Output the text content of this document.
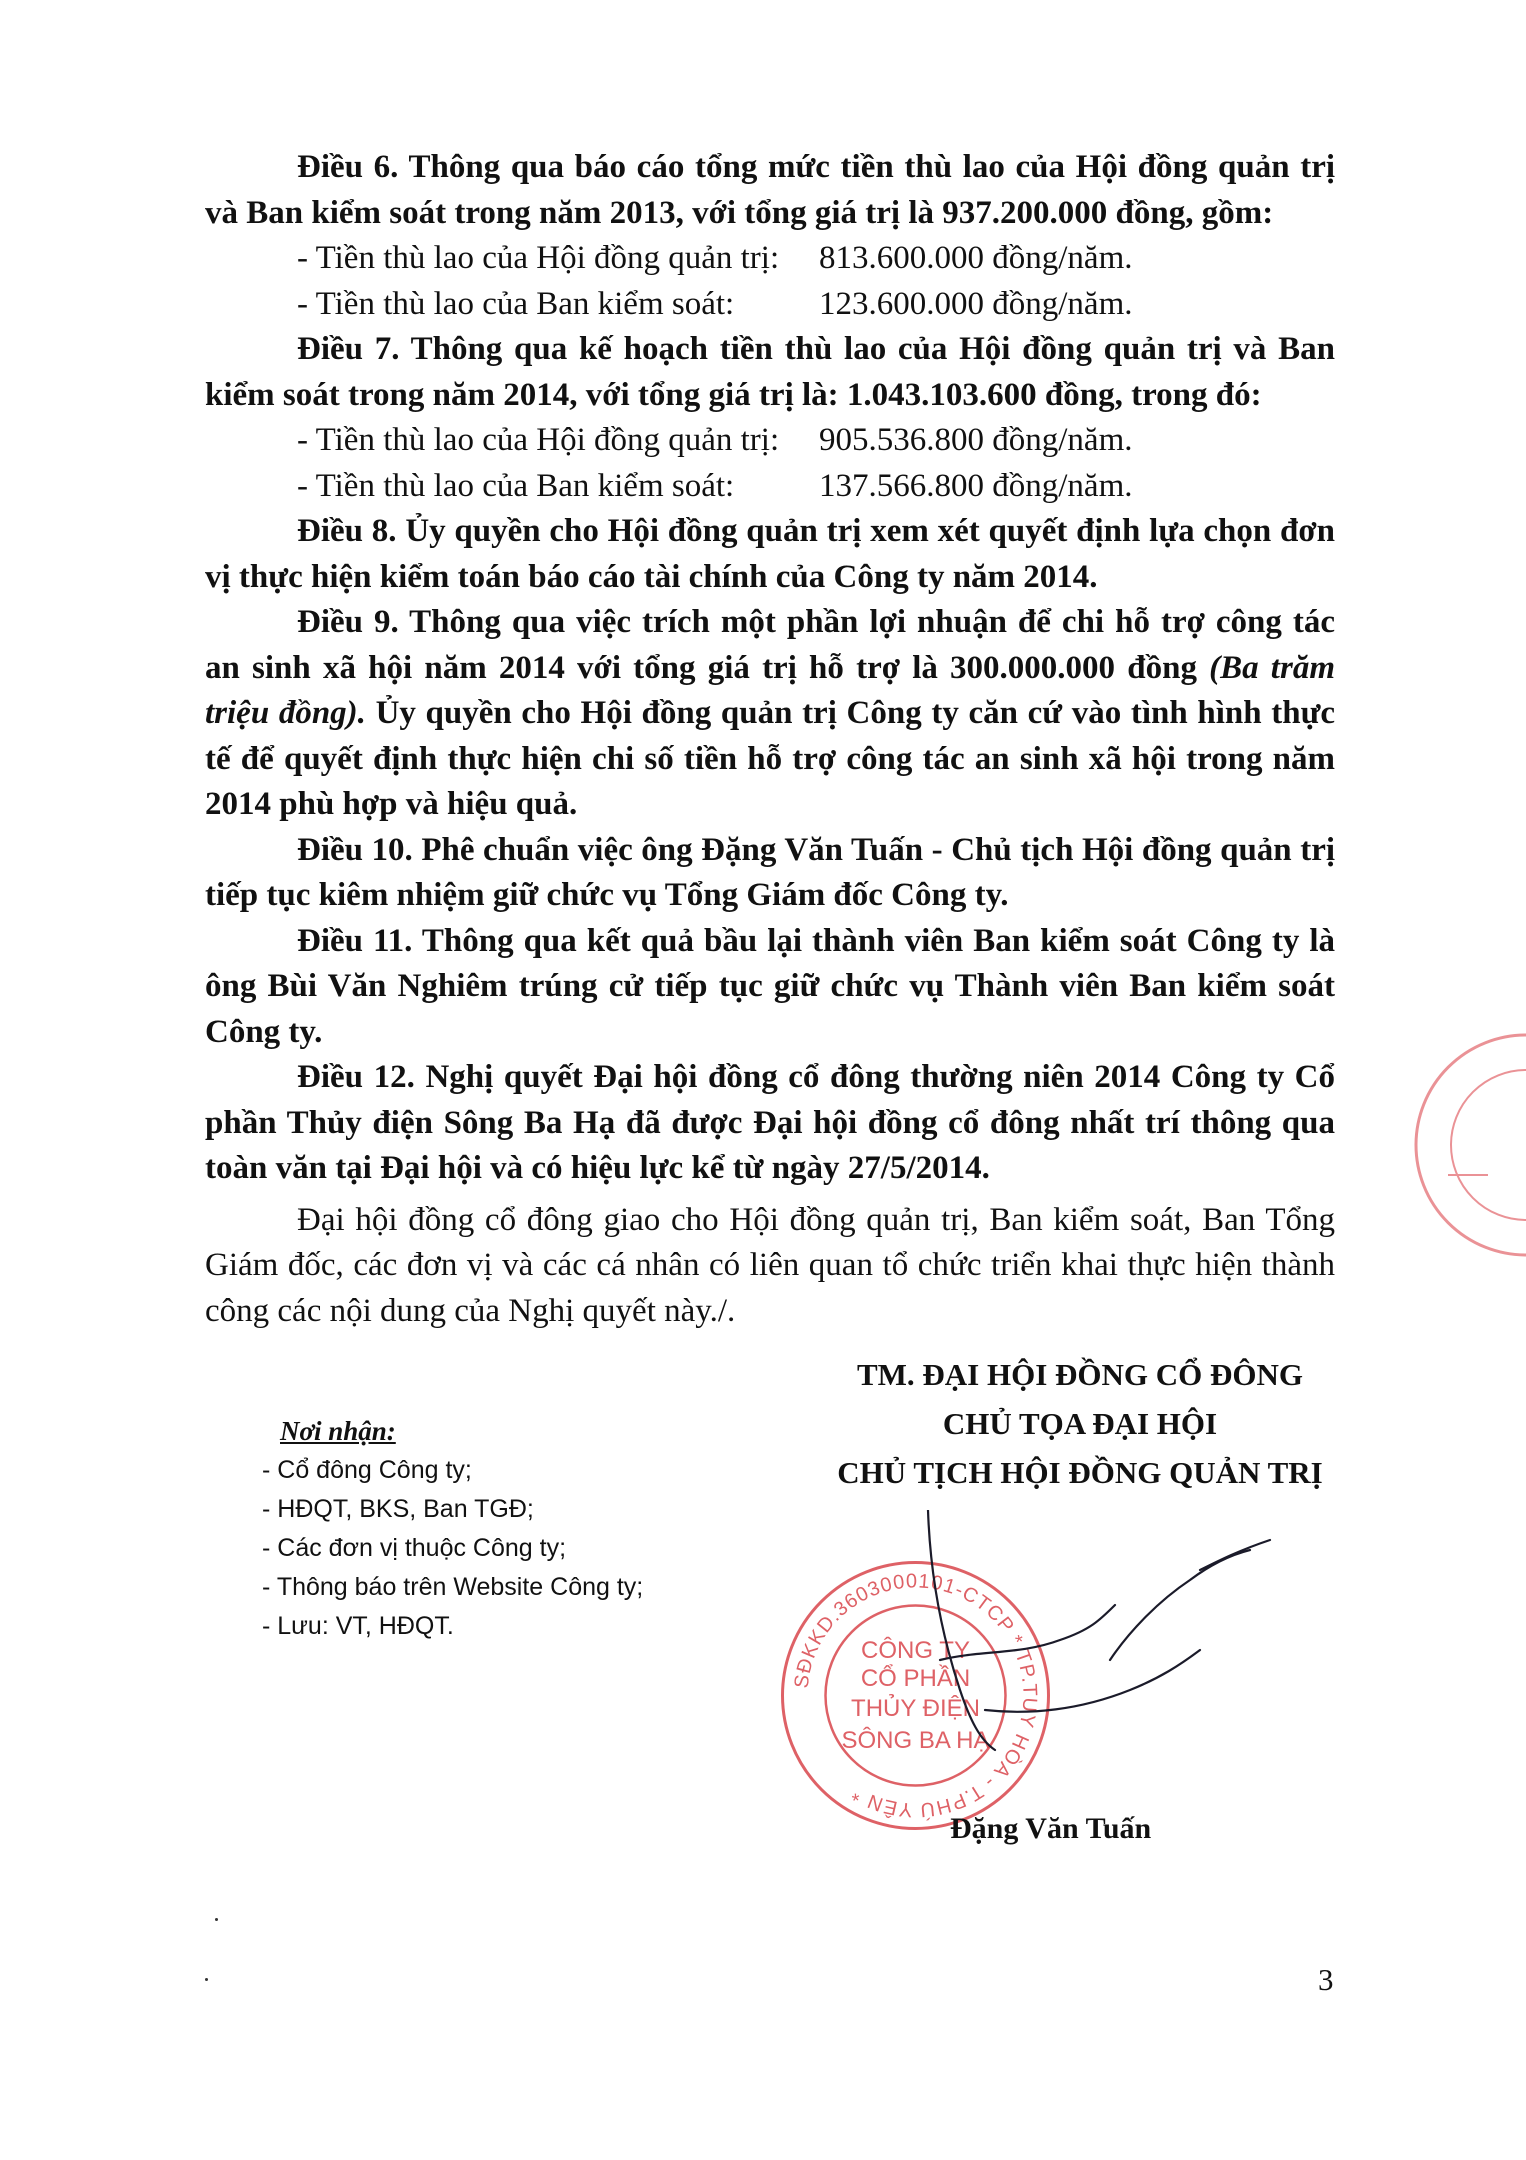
Điều 6. Thông qua báo cáo tổng mức tiền thù lao của Hội đồng quản trị và Ban kiểm soát trong năm 2013, với tổng giá trị là 937.200.000 đồng, gồm:

- Tiền thù lao của Hội đồng quản trị:	813.600.000 đồng/năm.
- Tiền thù lao của Ban kiểm soát:	123.600.000 đồng/năm.

Điều 7. Thông qua kế hoạch tiền thù lao của Hội đồng quản trị và Ban kiểm soát trong năm 2014, với tổng giá trị là: 1.043.103.600 đồng, trong đó:

- Tiền thù lao của Hội đồng quản trị:	905.536.800 đồng/năm.
- Tiền thù lao của Ban kiểm soát:	137.566.800 đồng/năm.

Điều 8. Ủy quyền cho Hội đồng quản trị xem xét quyết định lựa chọn đơn vị thực hiện kiểm toán báo cáo tài chính của Công ty năm 2014.

Điều 9. Thông qua việc trích một phần lợi nhuận để chi hỗ trợ công tác an sinh xã hội năm 2014 với tổng giá trị hỗ trợ là 300.000.000 đồng (Ba trăm triệu đồng). Ủy quyền cho Hội đồng quản trị Công ty căn cứ vào tình hình thực tế để quyết định thực hiện chi số tiền hỗ trợ công tác an sinh xã hội trong năm 2014 phù hợp và hiệu quả.

Điều 10. Phê chuẩn việc ông Đặng Văn Tuấn - Chủ tịch Hội đồng quản trị tiếp tục kiêm nhiệm giữ chức vụ Tổng Giám đốc Công ty.

Điều 11. Thông qua kết quả bầu lại thành viên Ban kiểm soát Công ty là ông Bùi Văn Nghiêm trúng cử tiếp tục giữ chức vụ Thành viên Ban kiểm soát Công ty.

Điều 12. Nghị quyết Đại hội đồng cổ đông thường niên 2014 Công ty Cổ phần Thủy điện Sông Ba Hạ đã được Đại hội đồng cổ đông nhất trí thông qua toàn văn tại Đại hội và có hiệu lực kể từ ngày 27/5/2014.

Đại hội đồng cổ đông giao cho Hội đồng quản trị, Ban kiểm soát, Ban Tổng Giám đốc, các đơn vị và các cá nhân có liên quan tổ chức triển khai thực hiện thành công các nội dung của Nghị quyết này./.

TM. ĐẠI HỘI ĐỒNG CỔ ĐÔNG
CHỦ TỌA ĐẠI HỘI
CHỦ TỊCH HỘI ĐỒNG QUẢN TRỊ
Nơi nhận:
- Cổ đông Công ty;
- HĐQT, BKS, Ban TGĐ;
- Các đơn vị thuộc Công ty;
- Thông báo trên Website Công ty;
- Lưu: VT, HĐQT.
SĐKKD.3603000101-CTCP * TP.TUY HÒA - T.PHÚ YÊN *
CÔNG TY
CỔ PHẦN
THỦY ĐIỆN
SÔNG BA HẠ
Đặng Văn Tuấn
3
